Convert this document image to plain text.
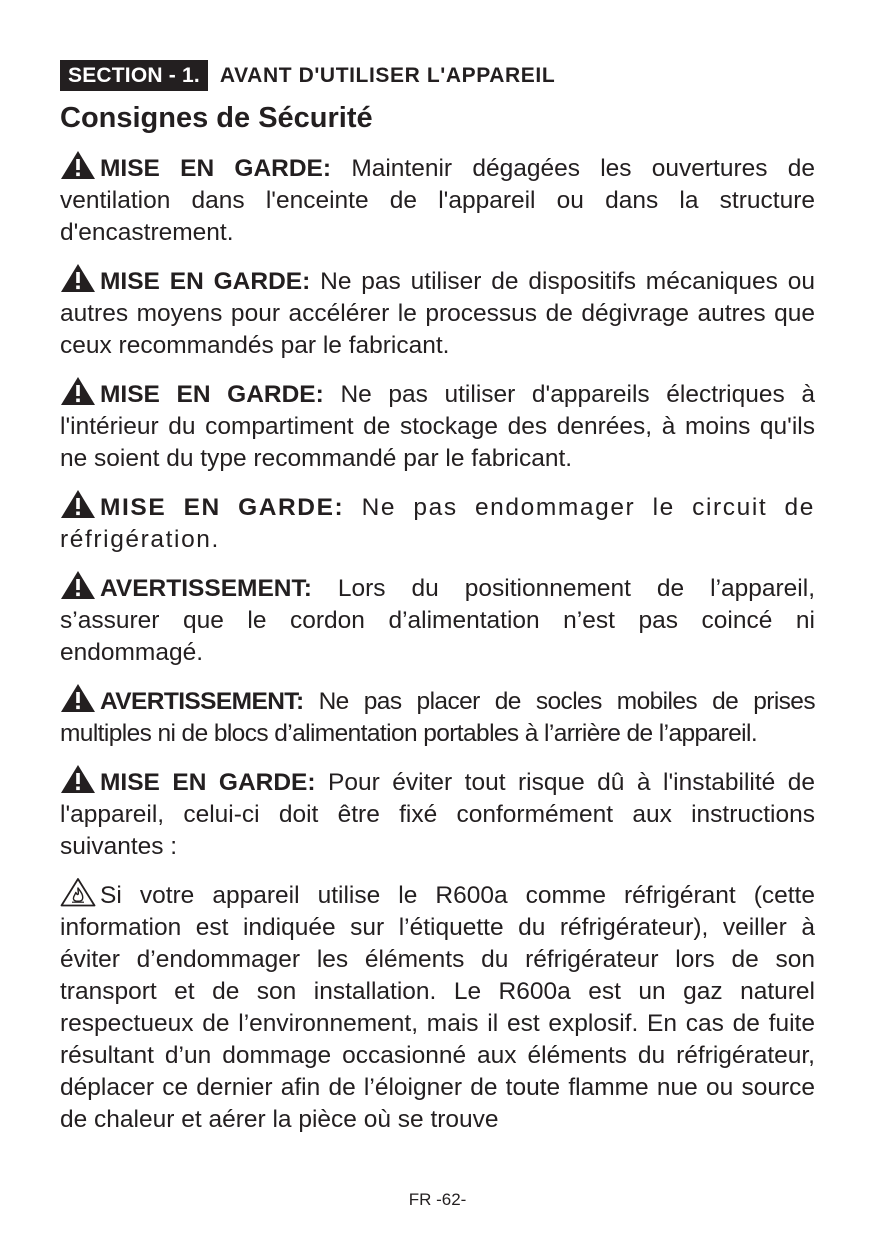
SECTION - 1. AVANT D'UTILISER L'APPAREIL
Consignes de Sécurité

MISE EN GARDE: Maintenir dégagées les ouvertures de ventilation dans l'enceinte de l'appareil ou dans la structure d'encastrement.

MISE EN GARDE: Ne pas utiliser de dispositifs mécaniques ou autres moyens pour accélérer le processus de dégivrage autres que ceux recommandés par le fabricant.

MISE EN GARDE: Ne pas utiliser d'appareils électriques à l'intérieur du compartiment de stockage des denrées, à moins qu'ils ne soient du type recommandé par le fabricant.

MISE EN GARDE: Ne pas endommager le circuit de réfrigération.

AVERTISSEMENT: Lors du positionnement de l’appareil, s’assurer que le cordon d’alimentation n’est pas coincé ni endommagé.

AVERTISSEMENT: Ne pas placer de socles mobiles de prises multiples ni de blocs d’alimentation portables à l’arrière de l’appareil.

MISE EN GARDE: Pour éviter tout risque dû à l'instabilité de l'appareil, celui-ci doit être fixé conformément aux instructions suivantes :

Si votre appareil utilise le R600a comme réfrigérant (cette information est indiquée sur l’étiquette du réfrigérateur), veiller à éviter d’endommager les éléments du réfrigérateur lors de son transport et de son installation. Le R600a est un gaz naturel respectueux de l’environnement, mais il est explosif. En cas de fuite résultant d’un dommage occasionné aux éléments du réfrigérateur, déplacer ce dernier afin de l’éloigner de toute flamme nue ou source de chaleur et aérer la pièce où se trouve

FR -62-
